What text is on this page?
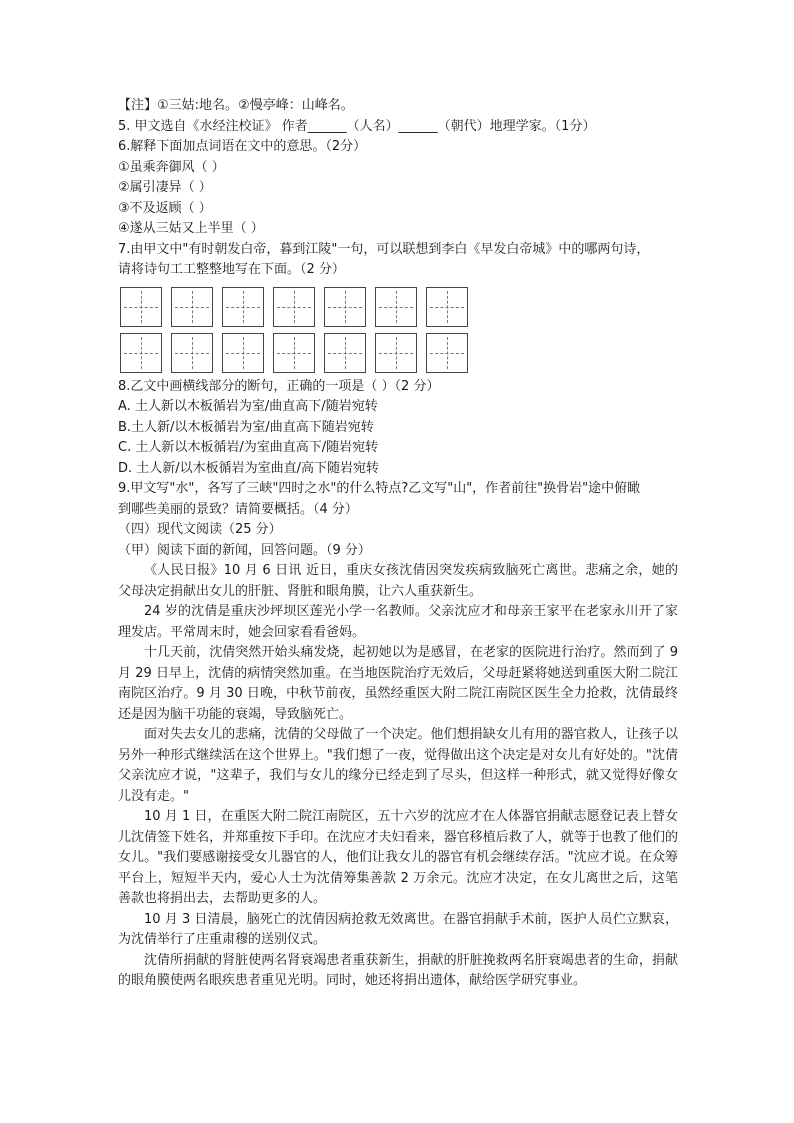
【注】①三姑:地名。②慢亭峰：山峰名。
5. 甲文选自《水经注校证》 作者______（人名）______（朝代）地理学家。（1分）
6.解释下面加点词语在文中的意思。（2分）
①虽乘奔御风（ ）
②属引凄异（ ）
③不及返顾（ ）
④遂从三姑又上半里（ ）
7.由甲文中"有时朝发白帝，暮到江陵"一句，可以联想到李白《早发白帝城》中的哪两句诗，
请将诗句工工整整地写在下面。（2 分）
8.乙文中画横线部分的断句，正确的一项是（ ）（2 分）
A. 土人新以木板循岩为室/曲直高下/随岩宛转
B.土人新/以木板循岩为室/曲直高下随岩宛转
C. 土人新以木板循岩/为室曲直高下/随岩宛转
D. 土人新/以木板循岩为室曲直/高下随岩宛转
9.甲文写"水"，各写了三峡"四时之水"的什么特点?乙文写"山"，作者前往"换骨岩"途中俯瞰
到哪些美丽的景致？请简要概括。（4 分）
（四）现代文阅读（25 分）
（甲）阅读下面的新闻，回答问题。（9 分）

《人民日报》10 月 6 日讯 近日，重庆女孩沈倩因突发疾病致脑死亡离世。悲痛之余，她的父母决定捐献出女儿的肝脏、肾脏和眼角膜，让六人重获新生。

24 岁的沈倩是重庆沙坪坝区莲光小学一名教师。父亲沈应才和母亲王家平在老家永川开了家理发店。平常周末时，她会回家看看爸妈。

十几天前，沈倩突然开始头痛发烧，起初她以为是感冒，在老家的医院进行治疗。然而到了 9 月 29 日早上，沈倩的病情突然加重。在当地医院治疗无效后，父母赶紧将她送到重医大附二院江南院区治疗。9 月 30 日晚，中秋节前夜，虽然经重医大附二院江南院区医生全力抢救，沈倩最终还是因为脑干功能的衰竭，导致脑死亡。

面对失去女儿的悲痛，沈倩的父母做了一个决定。他们想捐缺女儿有用的器官救人，让孩子以另外一种形式继续活在这个世界上。"我们想了一夜，觉得做出这个决定是对女儿有好处的。"沈倩父亲沈应才说，"这辈子，我们与女儿的缘分已经走到了尽头，但这样一种形式，就又觉得好像女儿没有走。"

10 月 1 日，在重医大附二院江南院区，五十六岁的沈应才在人体器官捐献志愿登记表上替女儿沈倩签下姓名，并郑重按下手印。在沈应才夫妇看来，器官移植后救了人，就等于也教了他们的女儿。"我们要感谢接受女儿器官的人，他们让我女儿的器官有机会继续存活。"沈应才说。在众筹平台上，短短半天内，爱心人士为沈倩筹集善款 2 万余元。沈应才决定，在女儿离世之后，这笔善款也将捐出去，去帮助更多的人。

10 月 3 日清晨，脑死亡的沈倩因病抢救无效离世。在器官捐献手术前，医护人员伫立默哀，为沈倩举行了庄重肃穆的送别仪式。

沈倩所捐献的肾脏使两名肾衰竭患者重获新生，捐献的肝脏挽救两名肝衰竭患者的生命，捐献的眼角膜使两名眼疾患者重见光明。同时，她还将捐出遗体，献给医学研究事业。
